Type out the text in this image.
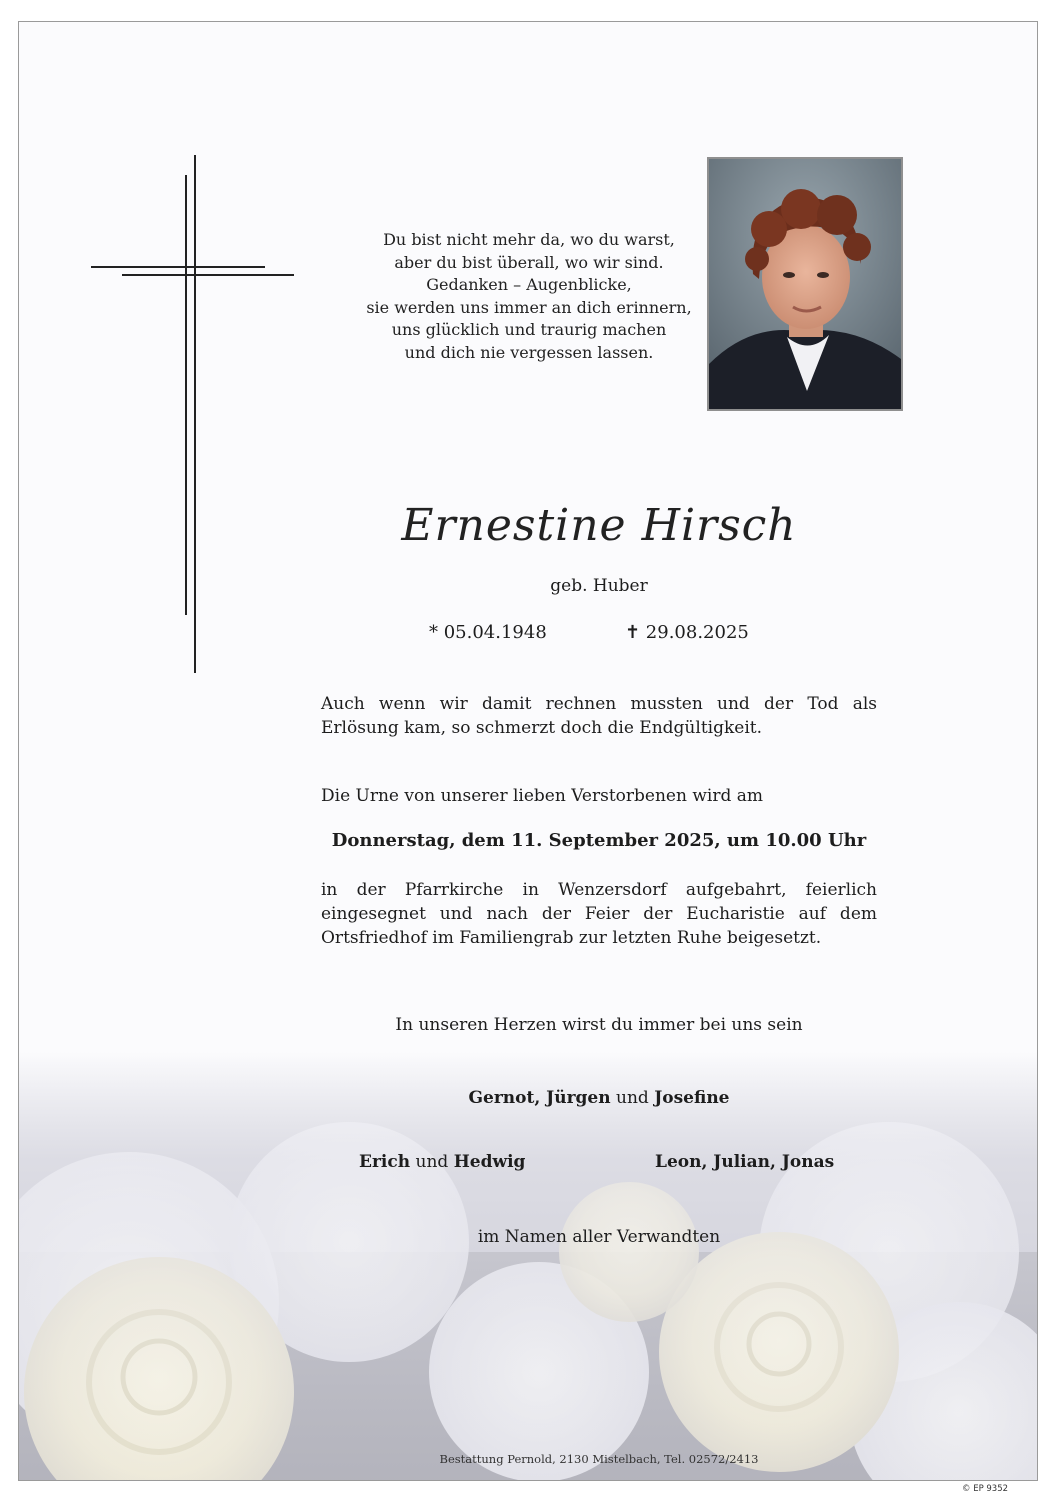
Du bist nicht mehr da, wo du warst,
aber du bist überall, wo wir sind.
Gedanken – Augenblicke,
sie werden uns immer an dich erinnern,
uns glücklich und traurig machen
und dich nie vergessen lassen.
Ernestine Hirsch
geb. Huber
* 05.04.1948	✝ 29.08.2025
Auch wenn wir damit rechnen mussten und der Tod als Erlösung kam, so schmerzt doch die Endgültigkeit.
Die Urne von unserer lieben Verstorbenen wird am
Donnerstag, dem 11. September 2025, um 10.00 Uhr
in der Pfarrkirche in Wenzersdorf aufgebahrt, feierlich eingesegnet und nach der Feier der Eucharistie auf dem Ortsfriedhof im Familiengrab zur letzten Ruhe beigesetzt.
In unseren Herzen wirst du immer bei uns sein
Gernot, Jürgen und Josefine
Erich und Hedwig	Leon, Julian, Jonas
im Namen aller Verwandten
Bestattung Pernold, 2130 Mistelbach, Tel. 02572/2413
© EP 9352
